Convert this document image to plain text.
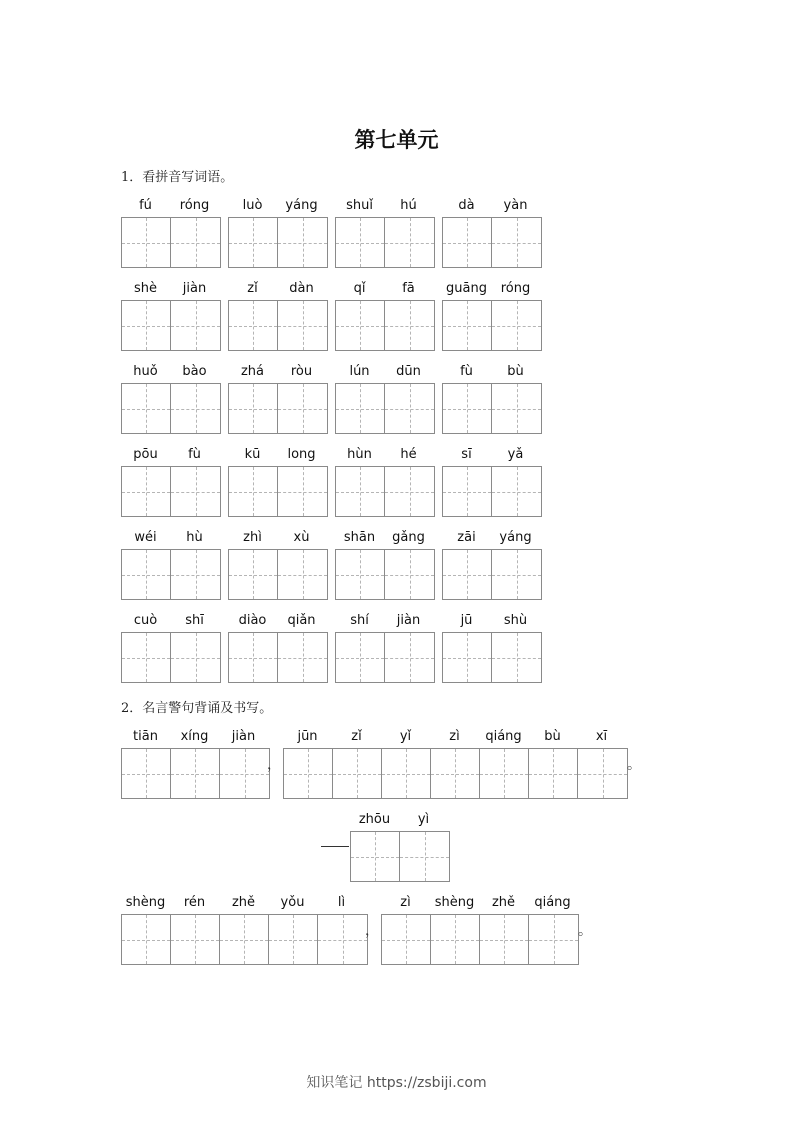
第七单元
1．看拼音写词语。
fú	róng	luò	yáng	shuǐ	hú	dà	yàn
shè	jiàn	zǐ	dàn	qǐ	fā	guāng	róng
huǒ	bào	zhá	ròu	lún	dūn	fù	bù
pōu	fù	kū	long	hùn	hé	sī	yǎ
wéi	hù	zhì	xù	shān	gǎng	zāi	yáng
cuò	shī	diào	qiǎn	shí	jiàn	jū	shù
2．名言警句背诵及书写。
tiān	xíng	jiàn
，
jūn	zǐ	yǐ	zì	qiáng	bù	xī
。
zhōu	yì
shèng	rén	zhě	yǒu	lì
，
zì	shèng	zhě	qiáng
。
知识笔记 https://zsbiji.com
